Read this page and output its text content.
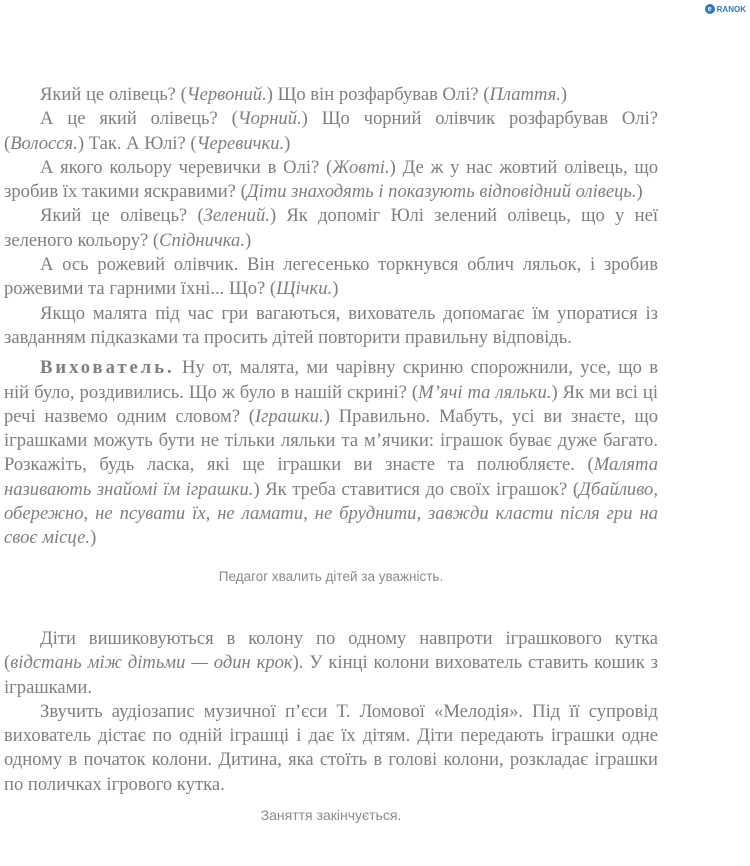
e RANOK

Який це олівець? (Червоний.) Що він розфарбував Олі? (Плаття.)

А це який олівець? (Чорний.) Що чорний олівчик розфарбував Олі? (Волосся.) Так. А Юлі? (Черевички.)

А якого кольору черевички в Олі? (Жовті.) Де ж у нас жовтий олівець, що зробив їх такими яскравими? (Діти знаходять і показують відповідний олівець.)

Який це олівець? (Зелений.) Як допоміг Юлі зелений олівець, що у неї зеленого кольору? (Спідничка.)

А ось рожевий олівчик. Він легесенько торкнувся облич ляльок, і зробив рожевими та гарними їхні... Що? (Щічки.)

Якщо малята під час гри вагаються, вихователь допомагає їм упоратися із завданням підказками та просить дітей повторити правильну відповідь.

Вихователь. Ну от, малята, ми чарівну скриню спорожнили, усе, що в ній було, роздивились. Що ж було в нашій скрині? (М’ячі та ляльки.) Як ми всі ці речі назвемо одним словом? (Іграшки.) Правильно. Мабуть, усі ви знаєте, що іграшками можуть бути не тільки ляльки та м’ячики: іграшок буває дуже багато. Розкажіть, будь ласка, які ще іграшки ви знаєте та полюбляєте. (Малята називають знайомі їм іграшки.) Як треба ставитися до своїх іграшок? (Дбайливо, обережно, не псувати їх, не ламати, не бруднити, завжди класти після гри на своє місце.)

Педагог хвалить дітей за уважність.

Діти вишиковуються в колону по одному навпроти іграшкового кутка (відстань між дітьми — один крок). У кінці колони вихователь ставить кошик з іграшками.

Звучить аудіозапис музичної п’єси Т. Ломової «Мелодія». Під її супровід вихователь дістає по одній іграшці і дає їх дітям. Діти передають іграшки одне одному в початок колони. Дитина, яка стоїть в голові колони, розкладає іграшки по поличках ігрового кутка.

Заняття закінчується.
